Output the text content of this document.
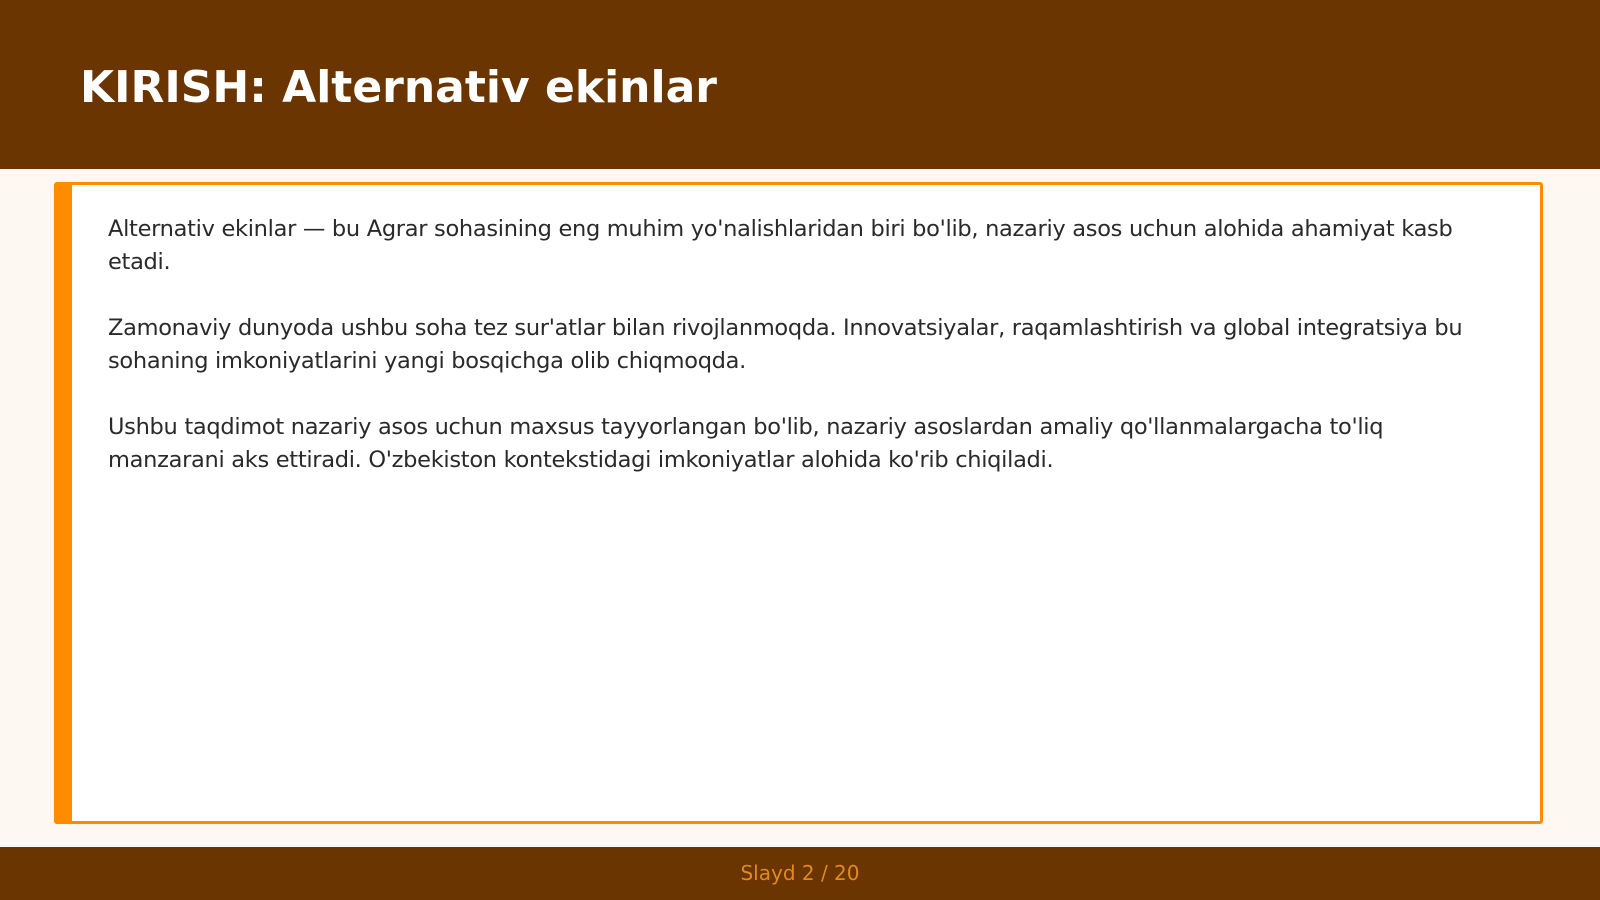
KIRISH: Alternativ ekinlar

Alternativ ekinlar — bu Agrar sohasining eng muhim yo'nalishlaridan biri bo'lib, nazariy asos uchun alohida ahamiyat kasb etadi.

Zamonaviy dunyoda ushbu soha tez sur'atlar bilan rivojlanmoqda. Innovatsiyalar, raqamlashtirish va global integratsiya bu sohaning imkoniyatlarini yangi bosqichga olib chiqmoqda.

Ushbu taqdimot nazariy asos uchun maxsus tayyorlangan bo'lib, nazariy asoslardan amaliy qo'llanmalargacha to'liq manzarani aks ettiradi. O'zbekiston kontekstidagi imkoniyatlar alohida ko'rib chiqiladi.

Slayd 2 / 20
